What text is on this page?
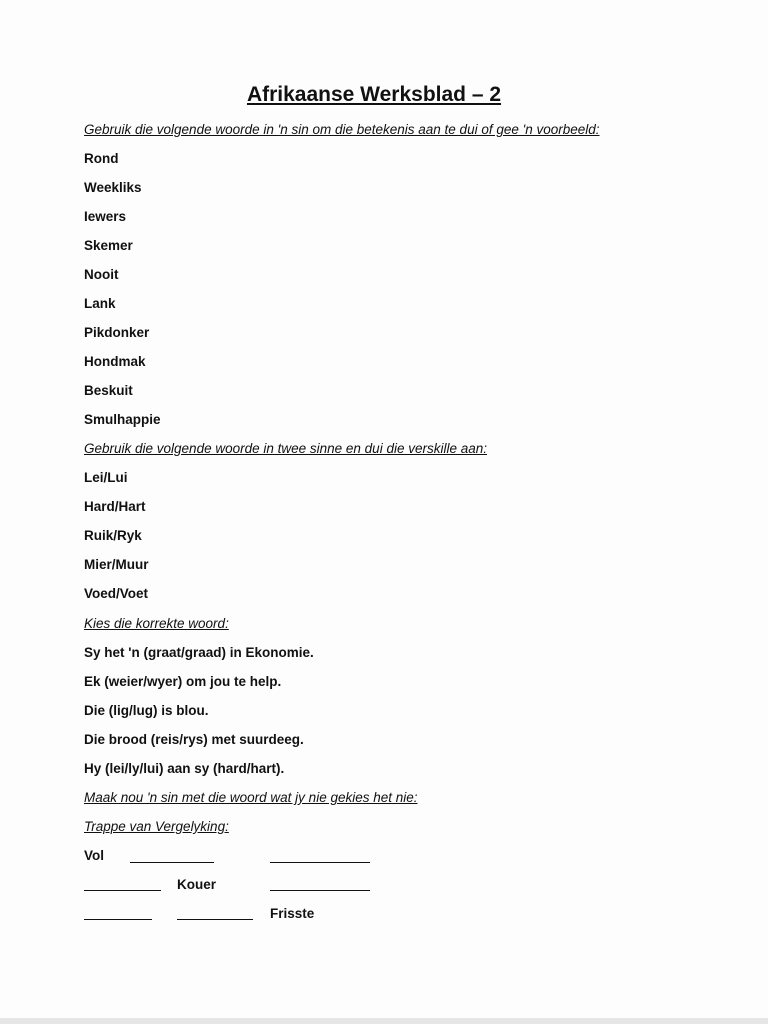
Afrikaanse Werksblad – 2
Gebruik die volgende woorde in 'n sin om die betekenis aan te dui of gee 'n voorbeeld:
Rond
Weekliks
Iewers
Skemer
Nooit
Lank
Pikdonker
Hondmak
Beskuit
Smulhappie
Gebruik die volgende woorde in twee sinne en dui die verskille aan:
Lei/Lui
Hard/Hart
Ruik/Ryk
Mier/Muur
Voed/Voet
Kies die korrekte woord:
Sy het 'n (graat/graad) in Ekonomie.
Ek (weier/wyer) om jou te help.
Die (lig/lug) is blou.
Die brood (reis/rys) met suurdeeg.
Hy (lei/ly/lui) aan sy (hard/hart).
Maak nou 'n sin met die woord wat jy nie gekies het nie:
Trappe van Vergelyking:
Vol
Kouer
Frisste
